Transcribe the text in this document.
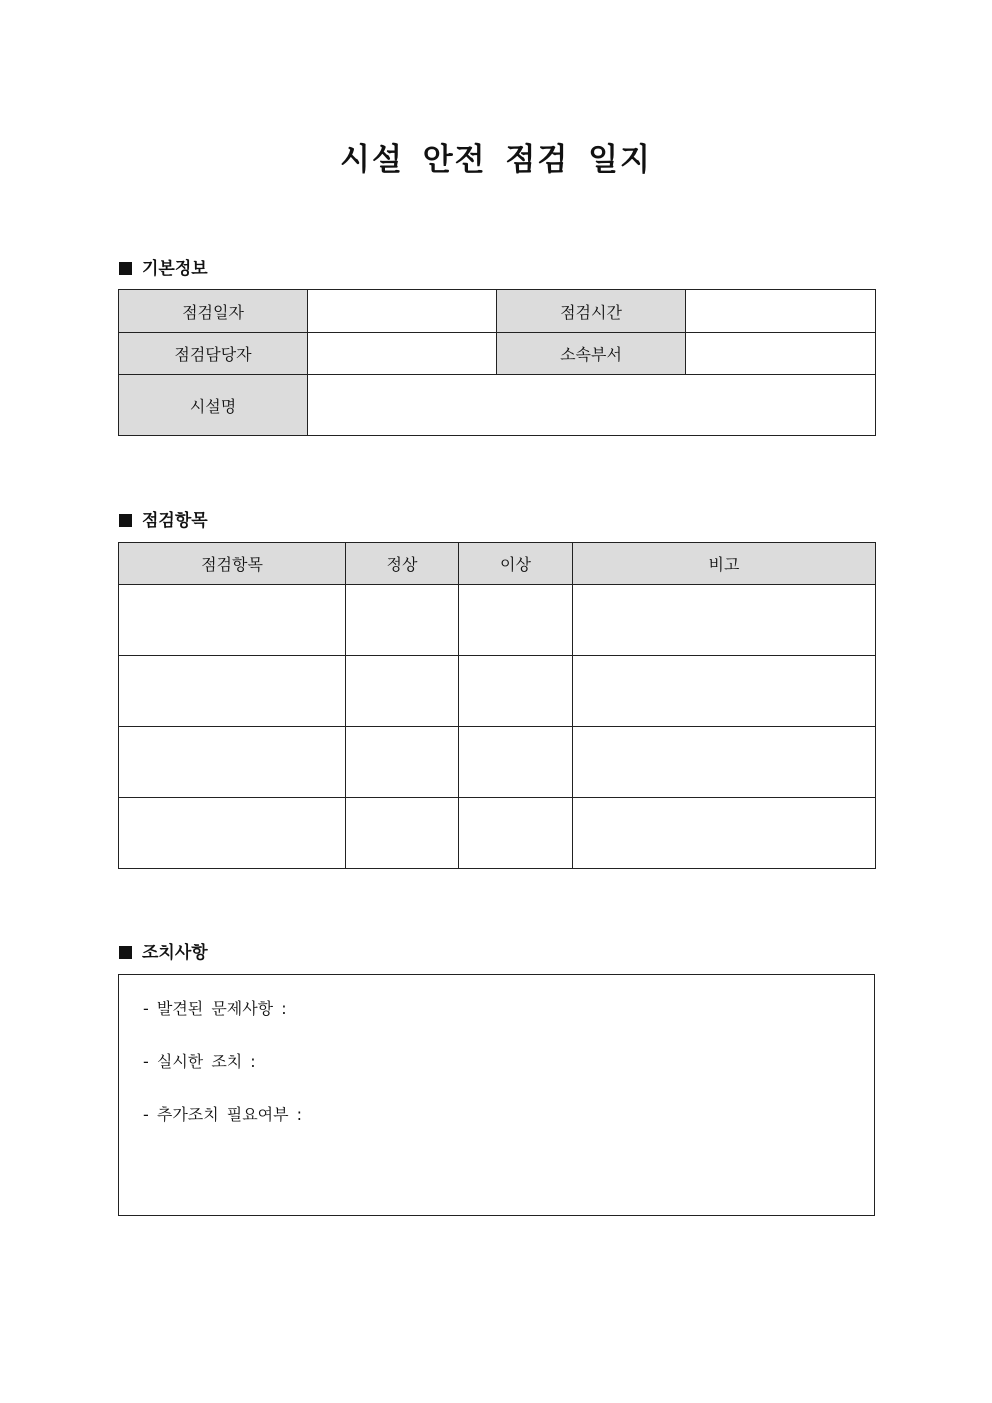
시설 안전 점검 일지
기본정보
점검일자		점검시간	
점검담당자		소속부서	
시설명			
점검항목
점검항목	정상	이상	비고

조치사항
- 발견된 문제사항 :
- 실시한 조치 :
- 추가조치 필요여부 :
